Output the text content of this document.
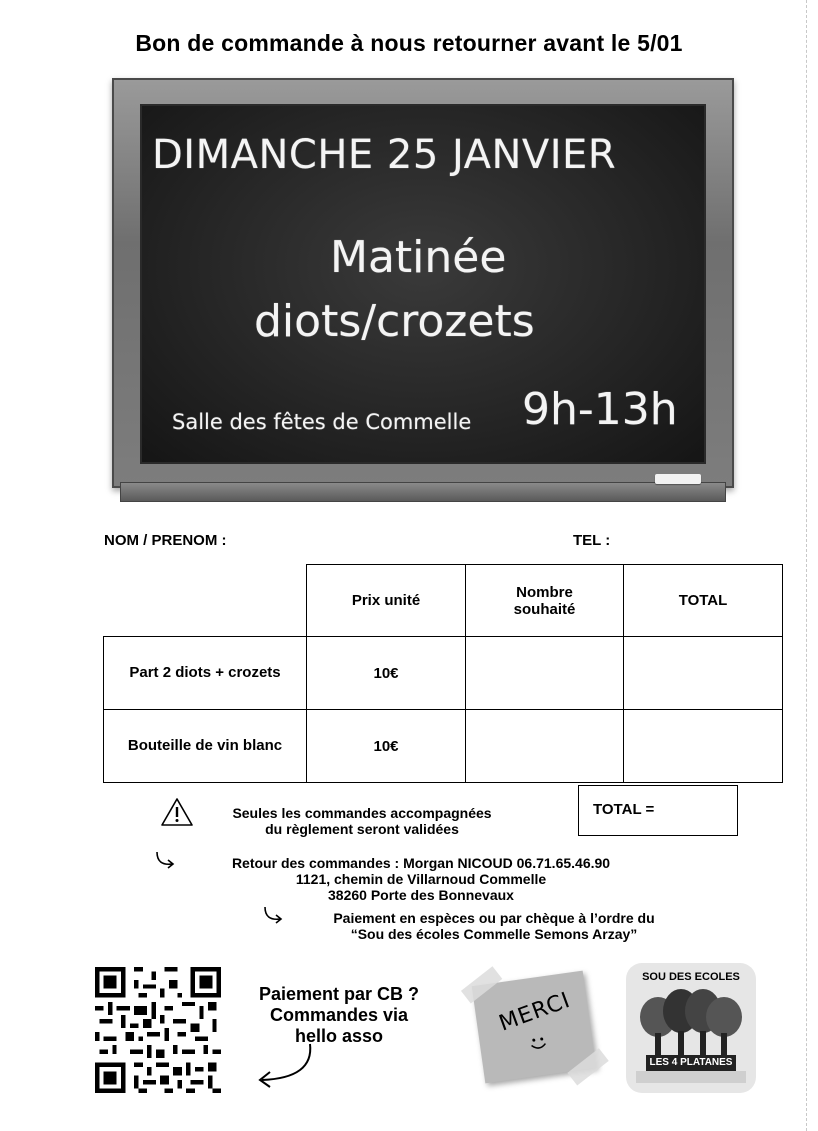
Bon de commande à nous retourner avant le 5/01
DIMANCHE 25 JANVIER
Matinée
diots/crozets
Salle des fêtes de Commelle 9h-13h
NOM / PRENOM :	TEL :
	Prix unité	Nombre souhaité	TOTAL
Part 2 diots + crozets	10€		
Bouteille de vin blanc	10€		
TOTAL =
Seules les commandes accompagnées
du règlement seront validées
Retour des commandes : Morgan NICOUD 06.71.65.46.90
1121, chemin de Villarnoud Commelle
38260 Porte des Bonnevaux
Paiement en espèces ou par chèque à l’ordre du
“Sou des écoles Commelle Semons Arzay”
Paiement par CB ?
Commandes via
hello asso	MERCI
SOU DES ECOLES
LES 4 PLATANES
